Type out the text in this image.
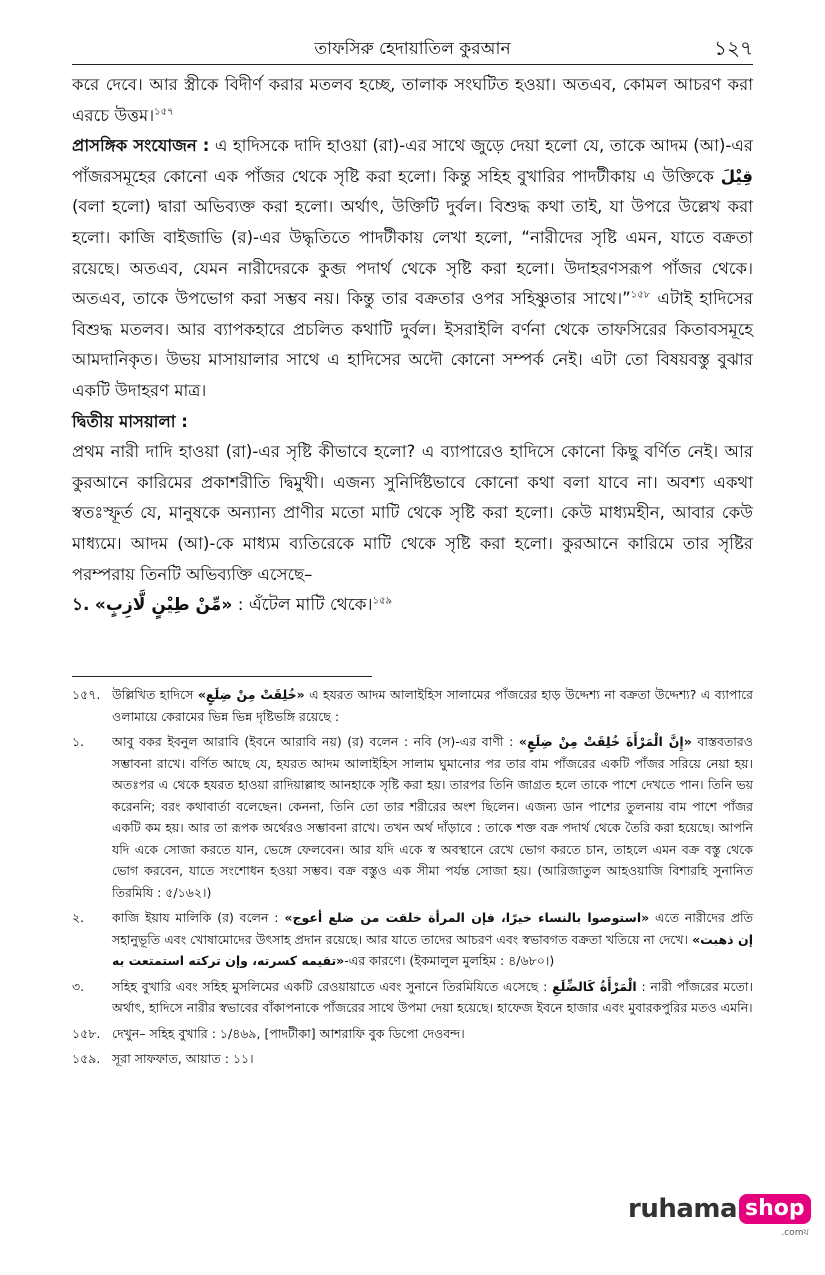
তাফসিরু হেদায়াতিল কুরআন	১২৭

করে দেবে। আর স্ত্রীকে বিদীর্ণ করার মতলব হচ্ছে, তালাক সংঘটিত হওয়া। অতএব, কোমল আচরণ করা এরচে উত্তম।$^{১৫৭}$

প্রাসঙ্গিক সংযোজন : এ হাদিসকে দাদি হাওয়া (রা)-এর সাথে জুড়ে দেয়া হলো যে, তাকে আদম (আ)-এর পাঁজরসমূহের কোনো এক পাঁজর থেকে সৃষ্টি করা হলো। কিন্তু সহিহ বুখারির পাদটীকায় এ উক্তিকে قِيْلَ (বলা হলো) দ্বারা অভিব্যক্ত করা হলো। অর্থাৎ, উক্তিটি দুর্বল। বিশুদ্ধ কথা তাই, যা উপরে উল্লেখ করা হলো। কাজি বাইজাভি (র)-এর উদ্ধৃতিতে পাদটীকায় লেখা হলো, “নারীদের সৃষ্টি এমন, যাতে বক্রতা রয়েছে। অতএব, যেমন নারীদেরকে কুব্জ পদার্থ থেকে সৃষ্টি করা হলো। উদাহরণসরূপ পাঁজর থেকে। অতএব, তাকে উপভোগ করা সম্ভব নয়। কিন্তু তার বক্রতার ওপর সহিষ্ণুতার সাথে।”$^{১৫৮}$ এটাই হাদিসের বিশুদ্ধ মতলব। আর ব্যাপকহারে প্রচলিত কথাটি দুর্বল। ইসরাইলি বর্ণনা থেকে তাফসিরের কিতাবসমূহে আমদানিকৃত। উভয় মাসায়ালার সাথে এ হাদিসের অদৌ কোনো সম্পর্ক নেই। এটা তো বিষয়বস্তু বুঝার একটি উদাহরণ মাত্র।

দ্বিতীয় মাসয়ালা :

প্রথম নারী দাদি হাওয়া (রা)-এর সৃষ্টি কীভাবে হলো? এ ব্যাপারেও হাদিসে কোনো কিছু বর্ণিত নেই। আর কুরআনে কারিমের প্রকাশরীতি দ্বিমুখী। এজন্য সুনির্দিষ্টভাবে কোনো কথা বলা যাবে না। অবশ্য একথা স্বতঃস্ফূর্ত যে, মানুষকে অন্যান্য প্রাণীর মতো মাটি থেকে সৃষ্টি করা হলো। কেউ মাধ্যমহীন, আবার কেউ মাধ্যমে। আদম (আ)-কে মাধ্যম ব্যতিরেকে মাটি থেকে সৃষ্টি করা হলো। কুরআনে কারিমে তার সৃষ্টির পরম্পরায় তিনটি অভিব্যক্তি এসেছে–

১. «مِّنْ طِيْنٍ لَّازِبٍ» : এঁটেল মাটি থেকে।$^{১৫৯}$

১৫৭. উল্লিখিত হাদিসে «خُلِقَتْ مِنْ ضِلَعٍ» এ হযরত আদম আলাইহিস সালামের পাঁজরের হাড় উদ্দেশ্য না বক্রতা উদ্দেশ্য? এ ব্যাপারে ওলামায়ে কেরামের ভিন্ন ভিন্ন দৃষ্টিভঙ্গি রয়েছে :
১.	আবু বকর ইবনুল আরাবি (ইবনে আরাবি নয়) (র) বলেন : নবি (স)-এর বাণী : «إِنَّ الْمَرْأَةَ خُلِقَتْ مِنْ ضِلَعٍ» বাস্তবতারও সম্ভাবনা রাখে। বর্ণিত আছে যে, হযরত আদম আলাইহিস সালাম ঘুমানোর পর তার বাম পাঁজরের একটি পাঁজর সরিয়ে নেয়া হয়। অতঃপর এ থেকে হযরত হাওয়া রাদিয়াল্লাহু আনহাকে সৃষ্টি করা হয়। তারপর তিনি জাগ্রত হলে তাকে পাশে দেখতে পান। তিনি ভয় করেননি; বরং কথাবার্তা বলেছেন। কেননা, তিনি তো তার শরীরের অংশ ছিলেন। এজন্য ডান পাশের তুলনায় বাম পাশে পাঁজর একটি কম হয়। আর তা রূপক অর্থেরও সম্ভাবনা রাখে। তখন অর্থ দাঁড়াবে : তাকে শক্ত বক্র পদার্থ থেকে তৈরি করা হয়েছে। আপনি যদি একে সোজা করতে যান, ভেঙ্গে ফেলবেন। আর যদি একে স্ব অবস্থানে রেখে ভোগ করতে চান, তাহলে এমন বক্র বস্তু থেকে ভোগ করবেন, যাতে সংশোধন হওয়া সম্ভব। বক্র বস্তুও এক সীমা পর্যন্ত সোজা হয়। (আরিজাতুল আহওয়াজি বিশারহি সুনানিত তিরমিযি : ৫/১৬২।)
২.	কাজি ইয়ায মালিকি (র) বলেন : «استوصوا بالنساء خيرًا، فإن المرأة خلقت من ضلع أعوج» এতে নারীদের প্রতি সহানুভূতি এবং খোষামোদের উৎসাহ প্রদান রয়েছে। আর যাতে তাদের আচরণ এবং স্বভাবগত বক্রতা খতিয়ে না দেখে। «إن ذهبت تقيمه كسرته، وإن تركته استمتعت به»-এর কারণে। (ইকমালুল মুলহিম : ৪/৬৮০।)
৩.	সহিহ বুখারি এবং সহিহ মুসলিমের একটি রেওয়ায়াতে এবং সুনানে তিরমিযিতে এসেছে : الْمَرْأَةُ كَالضِّلَعِ : নারী পাঁজরের মতো। অর্থাৎ, হাদিসে নারীর স্বভাবের বাঁকাপনাকে পাঁজরের সাথে উপমা দেয়া হয়েছে। হাফেজ ইবনে হাজার এবং মুবারকপুরির মতও এমনি।
১৫৮. দেখুন– সহিহ বুখারি : ১/৪৬৯, [পাদটীকা] আশরাফি বুক ডিপো দেওবন্দ।
১৫৯. সূরা সাফফাত, আয়াত : ১১।
ruhama shop
.comয
